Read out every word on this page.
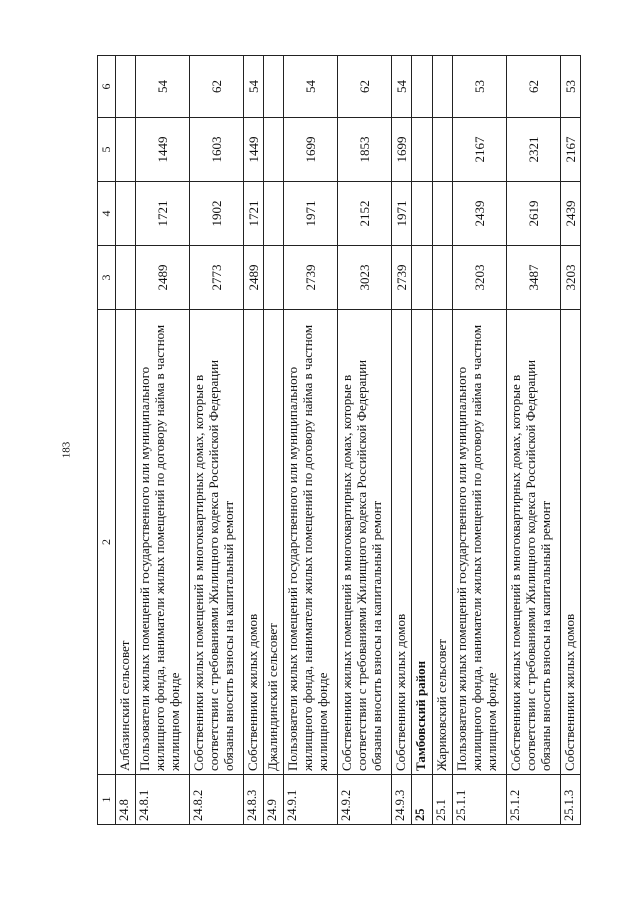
183
1	2	3	4	5	6
24.8	Албазинский сельсовет				
24.8.1	Пользователи жилых помещений государственного или муниципального жилищного фонда, наниматели жилых помещений по договору найма в частном жилищном фонде	2489	1721	1449	54
24.8.2	Собственники жилых помещений в многоквартирных домах, которые в соответствии с требованиями Жилищного кодекса Российской Федерации обязаны вносить взносы на капитальный ремонт	2773	1902	1603	62
24.8.3	Собственники жилых домов	2489	1721	1449	54
24.9	Джалиндинский сельсовет				
24.9.1	Пользователи жилых помещений государственного или муниципального жилищного фонда, наниматели жилых помещений по договору найма в частном жилищном фонде	2739	1971	1699	54
24.9.2	Собственники жилых помещений в многоквартирных домах, которые в соответствии с требованиями Жилищного кодекса Российской Федерации обязаны вносить взносы на капитальный ремонт	3023	2152	1853	62
24.9.3	Собственники жилых домов	2739	1971	1699	54
25	Тамбовский район				
25.1	Жариковский сельсовет				
25.1.1	Пользователи жилых помещений государственного или муниципального жилищного фонда, наниматели жилых помещений по договору найма в частном жилищном фонде	3203	2439	2167	53
25.1.2	Собственники жилых помещений в многоквартирных домах, которые в соответствии с требованиями Жилищного кодекса Российской Федерации обязаны вносить взносы на капитальный ремонт	3487	2619	2321	62
25.1.3	Собственники жилых домов	3203	2439	2167	53
